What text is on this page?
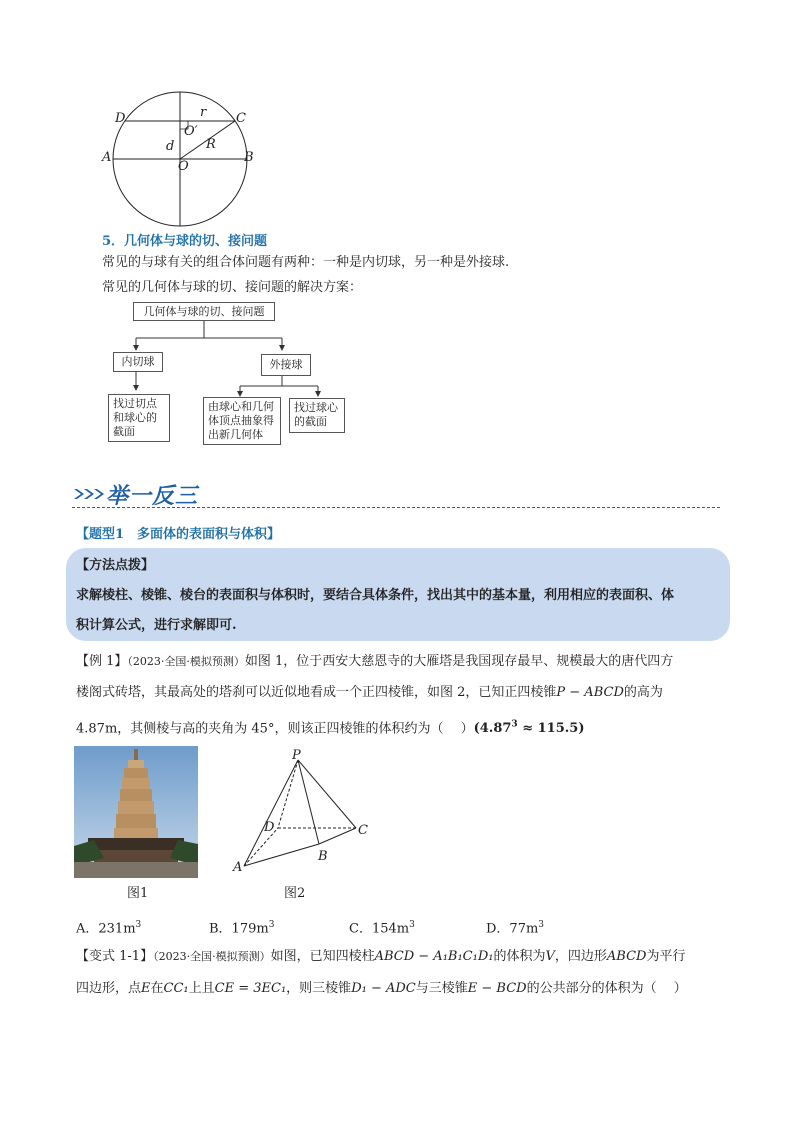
D	C
A	B
O
O′
r
d R
5．几何体与球的切、接问题
常见的与球有关的组合体问题有两种：一种是内切球，另一种是外接球.
常见的几何体与球的切、接问题的解决方案：
几何体与球的切、接问题
内切球	外接球
找过切点和球心的截面
由球心和几何体顶点抽象得出新几何体
找过球心的截面
举一反三
【题型1　多面体的表面积与体积】
【方法点拨】
求解棱柱、棱锥、棱台的表面积与体积时，要结合具体条件，找出其中的基本量，利用相应的表面积、体
积计算公式，进行求解即可.
【例 1】（2023·全国·模拟预测）如图 1，位于西安大慈恩寺的大雁塔是我国现存最早、规模最大的唐代四方
楼阁式砖塔，其最高处的塔刹可以近似地看成一个正四棱锥，如图 2，已知正四棱锥P − ABCD的高为
4.87m，其侧棱与高的夹角为 45°，则该正四棱锥的体积约为（　 ）$(4.87^3 \approx 115.5)$
图1
P
A
B
C
D
图2
A．$231m^3$	B．$179m^3$	C．$154m^3$	D．$77m^3$
【变式 1-1】（2023·全国·模拟预测）如图，已知四棱柱ABCD − A₁B₁C₁D₁的体积为V，四边形ABCD为平行
四边形，点E在CC₁上且CE = 3EC₁，则三棱锥D₁ − ADC与三棱锥E − BCD的公共部分的体积为（　 ）
